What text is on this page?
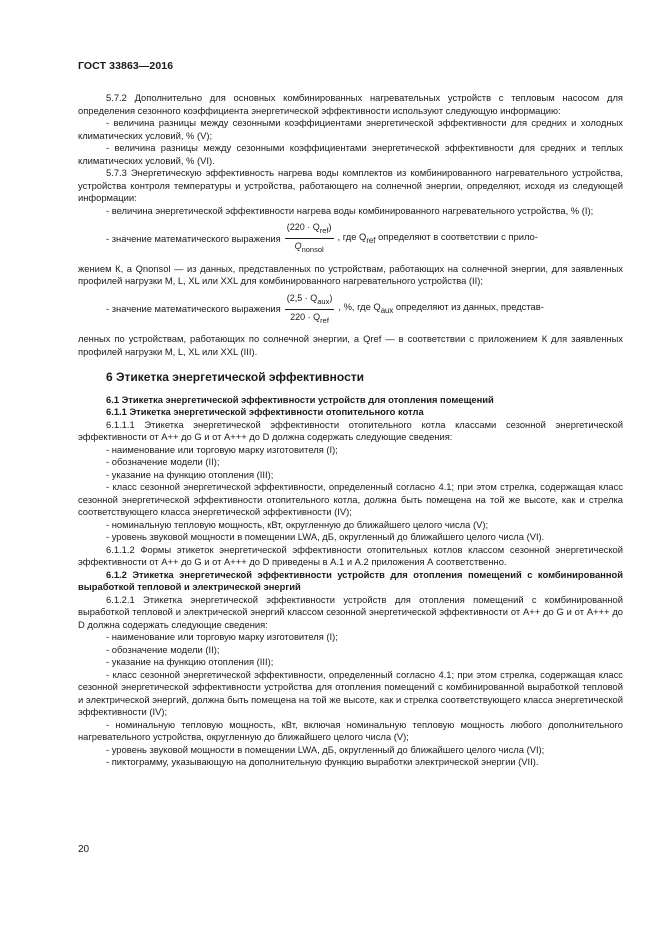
ГОСТ 33863—2016

5.7.2 Дополнительно для основных комбинированных нагревательных устройств с тепловым насосом для определения сезонного коэффициента энергетической эффективности используют следующую информацию:

- величина разницы между сезонными коэффициентами энергетической эффективности для средних и холодных климатических условий, % (V);

- величина разницы между сезонными коэффициентами энергетической эффективности для средних и теплых климатических условий, % (VI).

5.7.3 Энергетическую эффективность нагрева воды комплектов из комбинированного нагревательного устройства, устройства контроля температуры и устройства, работающего на солнечной энергии, определяют, исходя из следующей информации:

- величина энергетической эффективности нагрева воды комбинированного нагревательного устройства, % (I);

- значение математического выражения $\frac{(220 \cdot Q_{ref})}{Q_{nonsol}}$ , где $Q_{ref}$ определяют в соответствии с прило-

жением К, а Qnonsol — из данных, представленных по устройствам, работающих на солнечной энергии, для заявленных профилей нагрузки M, L, XL или XXL для комбинированного нагревательного устройства (II);

- значение математического выражения $\frac{(2,5 \cdot Q_{aux})}{220 \cdot Q_{ref}}$ , %, где $Q_{aux}$ определяют из данных, представ-

ленных по устройствам, работающих по солнечной энергии, а Qref — в соответствии с приложением К для заявленных профилей нагрузки M, L, XL или XXL (III).

6 Этикетка энергетической эффективности

6.1 Этикетка энергетической эффективности устройств для отопления помещений

6.1.1 Этикетка энергетической эффективности отопительного котла

6.1.1.1 Этикетка энергетической эффективности отопительного котла классами сезонной энергетической эффективности от А++ до G и от А+++ до D должна содержать следующие сведения:

- наименование или торговую марку изготовителя (I);

- обозначение модели (II);

- указание на функцию отопления (III);

- класс сезонной энергетической эффективности, определенный согласно 4.1; при этом стрелка, содержащая класс сезонной энергетической эффективности отопительного котла, должна быть помещена на той же высоте, как и стрелка соответствующего класса энергетической эффективности (IV);

- номинальную тепловую мощность, кВт, округленную до ближайшего целого числа (V);

- уровень звуковой мощности в помещении LWA, дБ, округленный до ближайшего целого числа (VI).

6.1.1.2 Формы этикеток энергетической эффективности отопительных котлов классом сезонной энергетической эффективности от А++ до G и от А+++ до D приведены в А.1 и А.2 приложения А соответственно.

6.1.2 Этикетка энергетической эффективности устройств для отопления помещений с комбинированной выработкой тепловой и электрической энергий

6.1.2.1 Этикетка энергетической эффективности устройств для отопления помещений с комбинированной выработкой тепловой и электрической энергий классом сезонной энергетической эффективности от А++ до G и от А+++ до D должна содержать следующие сведения:

- наименование или торговую марку изготовителя (I);

- обозначение модели (II);

- указание на функцию отопления (III);

- класс сезонной энергетической эффективности, определенный согласно 4.1; при этом стрелка, содержащая класс сезонной энергетической эффективности устройства для отопления помещений с комбинированной выработкой тепловой и электрической энергий, должна быть помещена на той же высоте, как и стрелка соответствующего класса энергетической эффективности (IV);

- номинальную тепловую мощность, кВт, включая номинальную тепловую мощность любого дополнительного нагревательного устройства, округленную до ближайшего целого числа (V);

- уровень звуковой мощности в помещении LWA, дБ, округленный до ближайшего целого числа (VI);

- пиктограмму, указывающую на дополнительную функцию выработки электрической энергии (VII).

20
